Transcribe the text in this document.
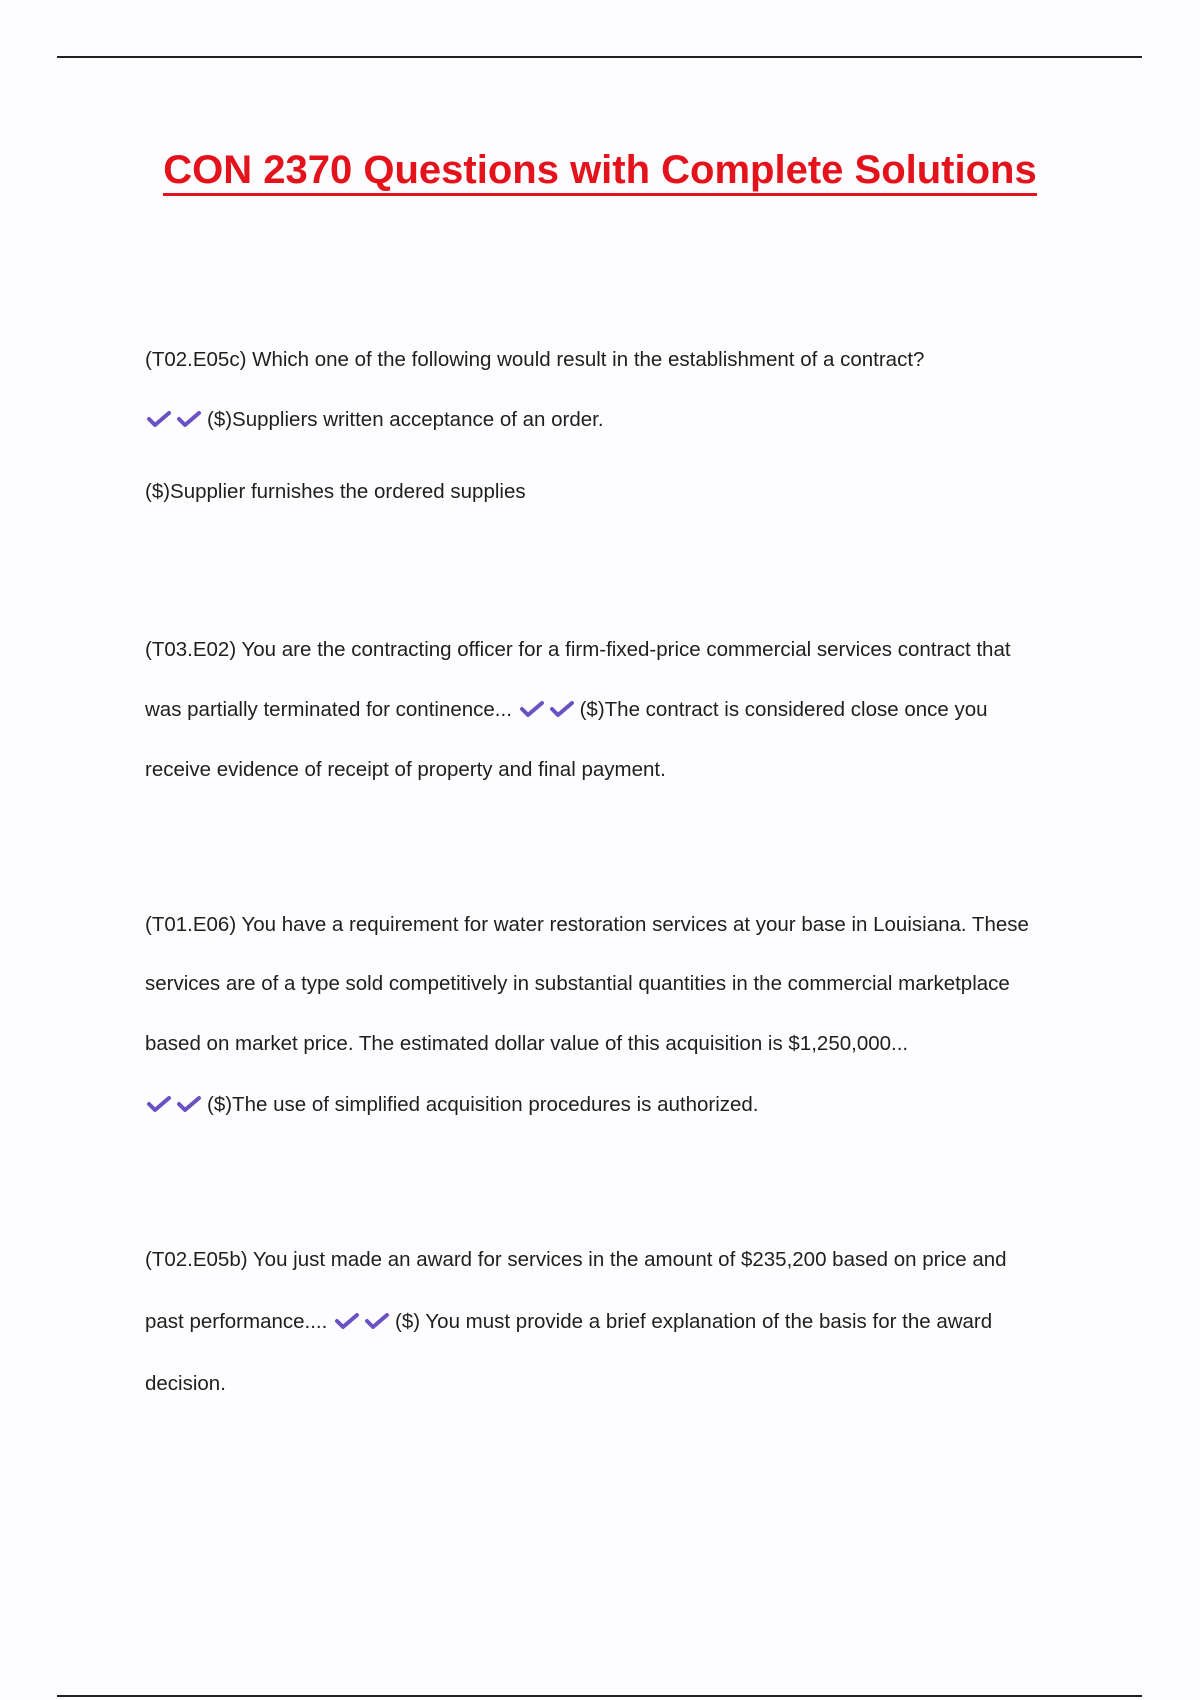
CON 2370 Questions with Complete Solutions

(T02.E05c) Which one of the following would result in the establishment of a contract?

($)Suppliers written acceptance of an order.

($)Supplier furnishes the ordered supplies

(T03.E02) You are the contracting officer for a firm-fixed-price commercial services contract that

was partially terminated for continence...	($)The contract is considered close once you

receive evidence of receipt of property and final payment.

(T01.E06) You have a requirement for water restoration services at your base in Louisiana. These

services are of a type sold competitively in substantial quantities in the commercial marketplace

based on market price. The estimated dollar value of this acquisition is $1,250,000...

($)The use of simplified acquisition procedures is authorized.

(T02.E05b) You just made an award for services in the amount of $235,200 based on price and

past performance....	($) You must provide a brief explanation of the basis for the award

decision.
